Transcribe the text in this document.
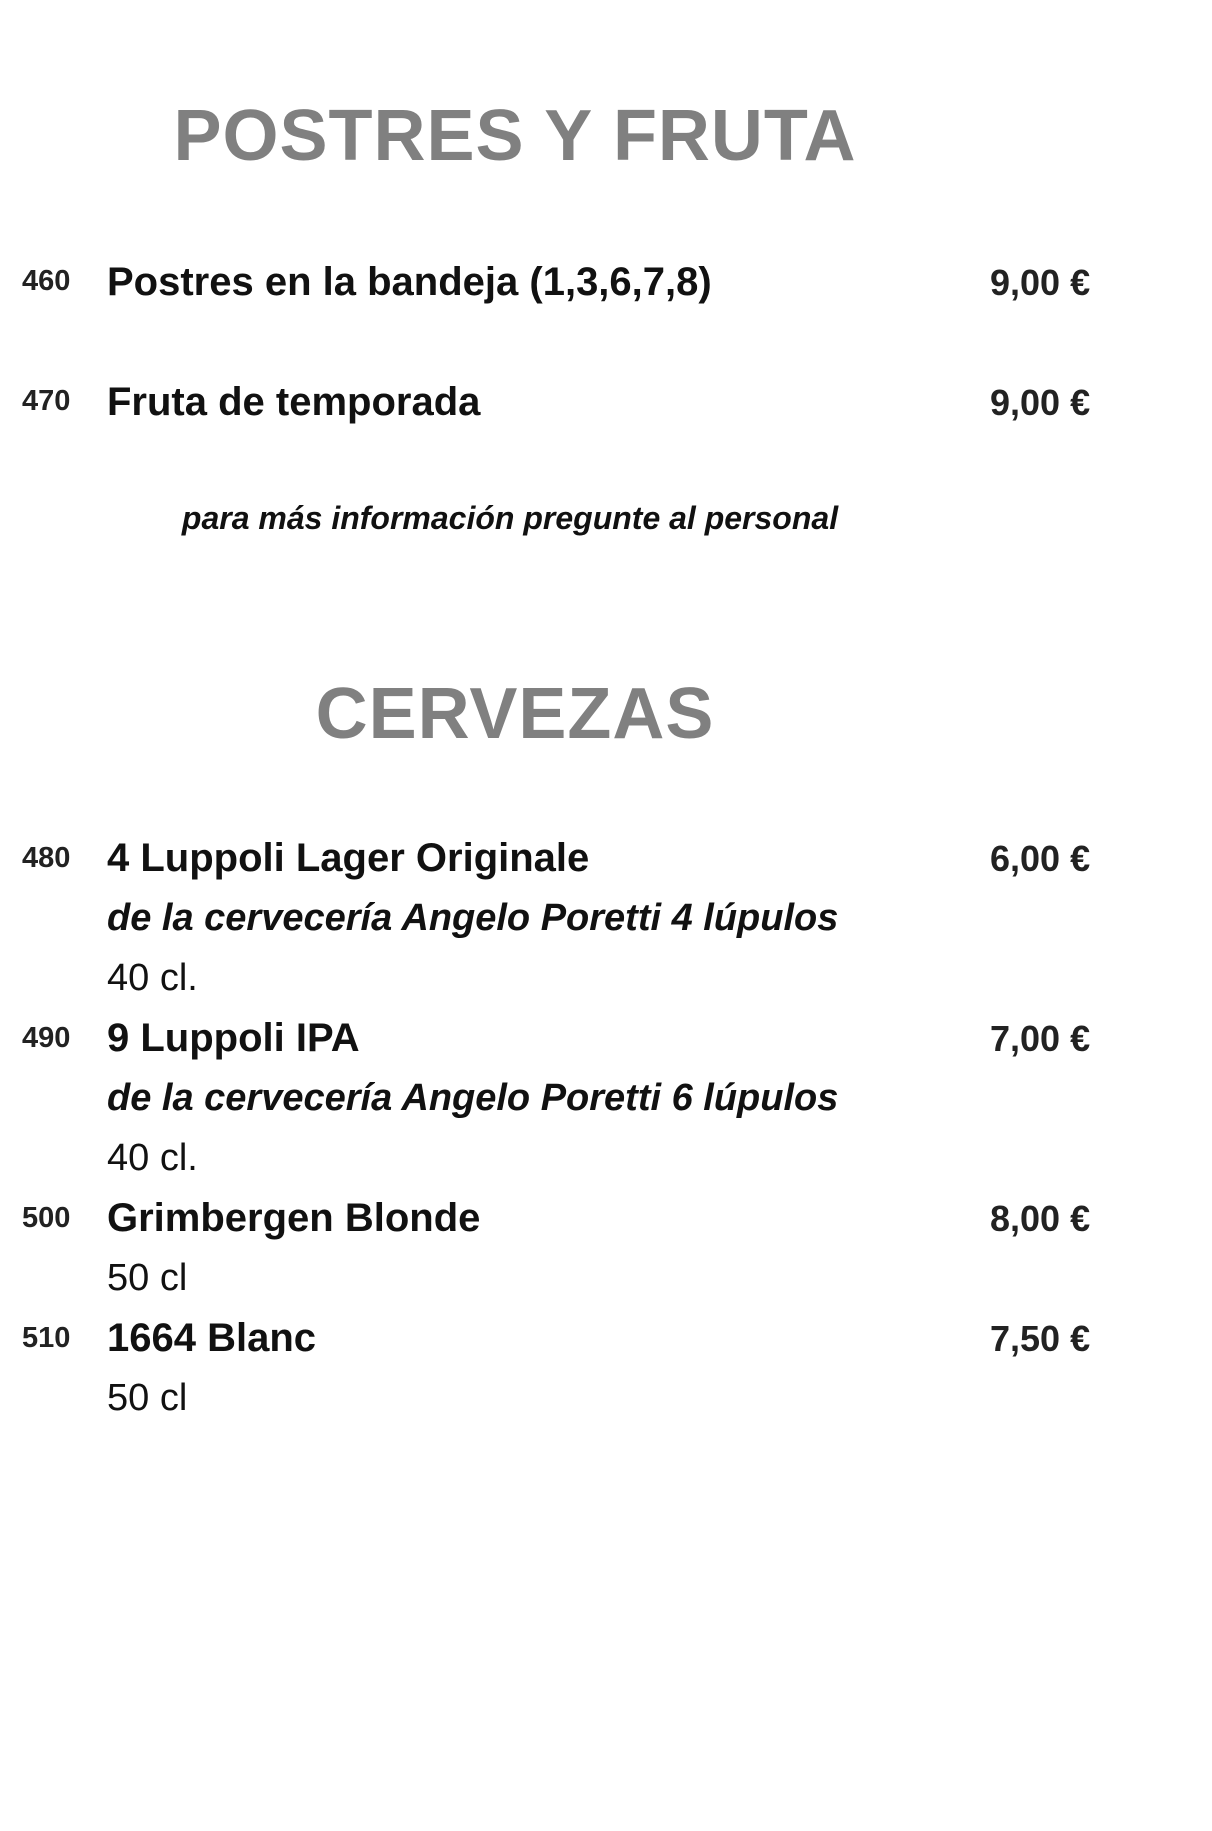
POSTRES Y FRUTA
460 Postres en la bandeja (1,3,6,7,8)	9,00 €
470 Fruta de temporada	9,00 €
para más información pregunte al personal
CERVEZAS
480 4 Luppoli Lager Originale	6,00 €
de la cervecería Angelo Poretti 4 lúpulos
40 cl.
490 9 Luppoli IPA	7,00 €
de la cervecería Angelo Poretti 6 lúpulos
40 cl.
500 Grimbergen Blonde	8,00 €
50 cl
510 1664 Blanc	7,50 €
50 cl
